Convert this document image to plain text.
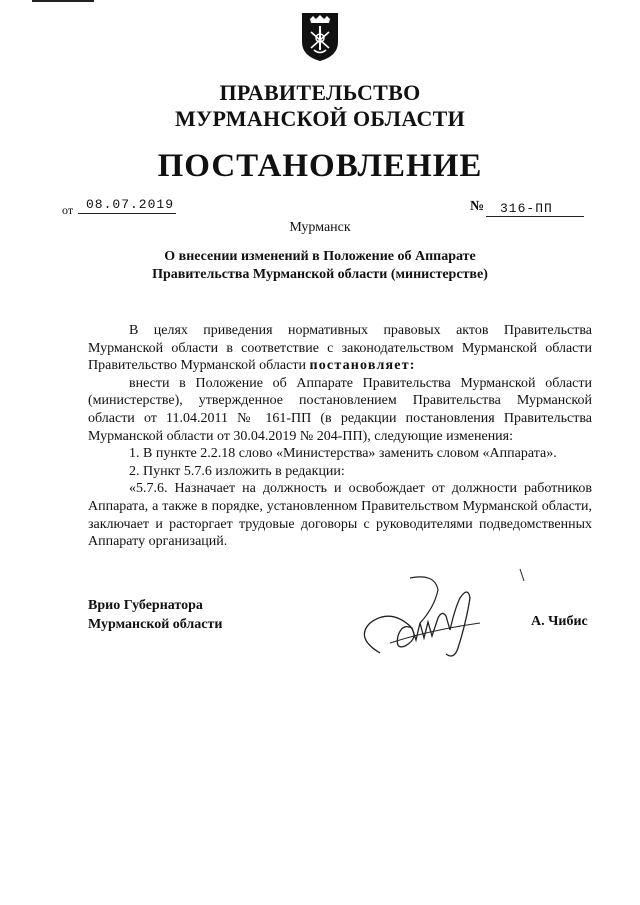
ПРАВИТЕЛЬСТВО
МУРМАНСКОЙ ОБЛАСТИ
ПОСТАНОВЛЕНИЕ
от 08.07.2019	№ 316-ПП
Мурманск
О внесении изменений в Положение об Аппарате
Правительства Мурманской области (министерстве)

В целях приведения нормативных правовых актов Правительства Мурманской области в соответствие с законодательством Мурманской области Правительство Мурманской области постановляет:

внести в Положение об Аппарате Правительства Мурманской области (министерстве), утвержденное постановлением Правительства Мурманской области от 11.04.2011 № 161-ПП (в редакции постановления Правительства Мурманской области от 30.04.2019 № 204-ПП), следующие изменения:

1. В пункте 2.2.18 слово «Министерства» заменить словом «Аппарата».

2. Пункт 5.7.6 изложить в редакции:

«5.7.6. Назначает на должность и освобождает от должности работников Аппарата, а также в порядке, установленном Правительством Мурманской области, заключает и расторгает трудовые договоры с руководителями подведомственных Аппарату организаций.

Врио Губернатора
Мурманской области	А. Чибис
